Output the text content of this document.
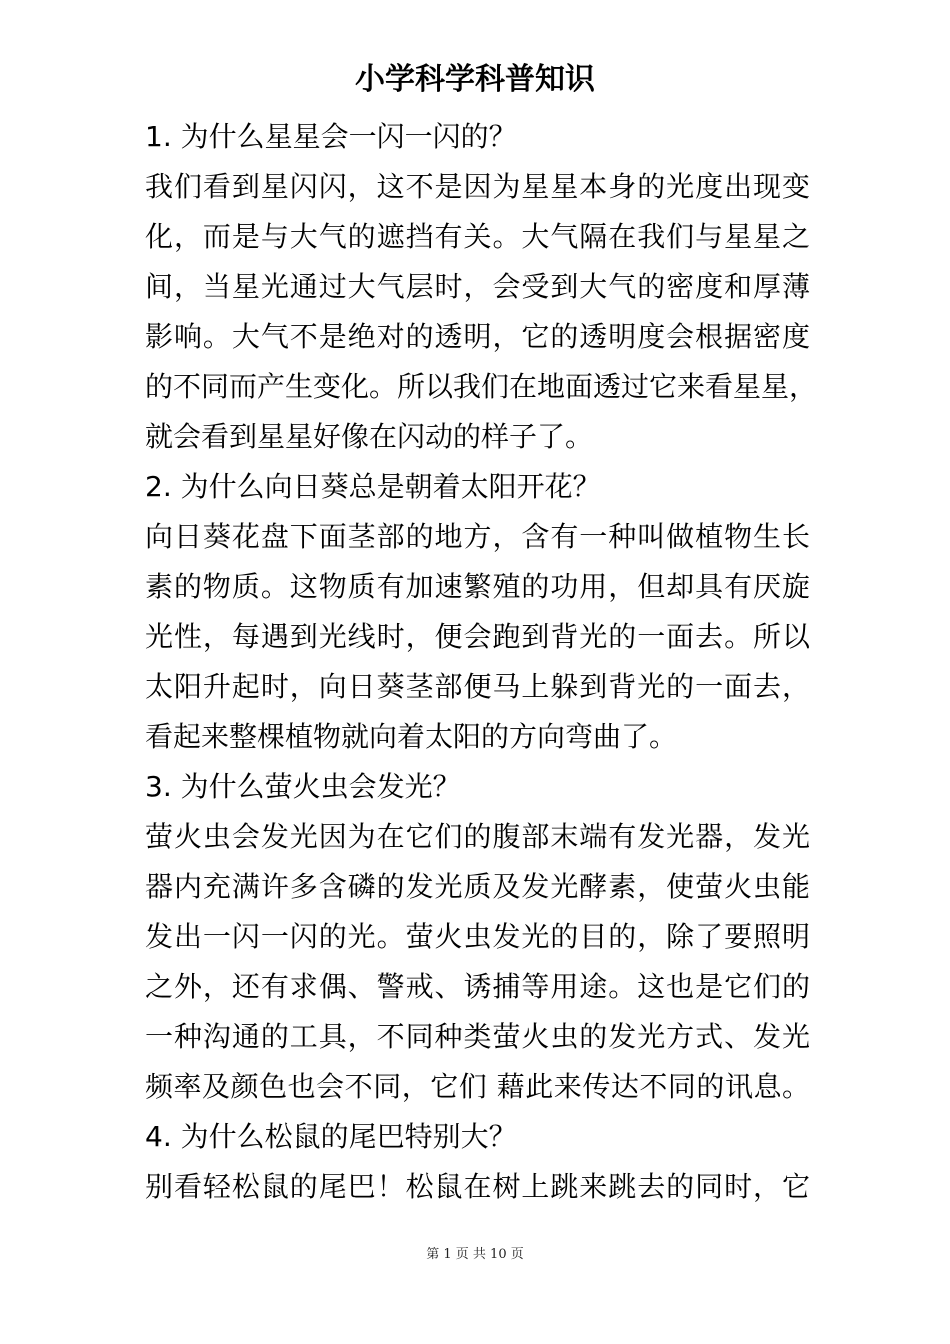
小学科学科普知识
1. 为什么星星会一闪一闪的？
我们看到星闪闪，这不是因为星星本身的光度出现变
化，而是与大气的遮挡有关。大气隔在我们与星星之
间，当星光通过大气层时，会受到大气的密度和厚薄
影响。大气不是绝对的透明，它的透明度会根据密度
的不同而产生变化。所以我们在地面透过它来看星星，
就会看到星星好像在闪动的样子了。
2. 为什么向日葵总是朝着太阳开花？
向日葵花盘下面茎部的地方，含有一种叫做植物生长
素的物质。这物质有加速繁殖的功用，但却具有厌旋
光性，每遇到光线时，便会跑到背光的一面去。所以
太阳升起时，向日葵茎部便马上躲到背光的一面去，
看起来整棵植物就向着太阳的方向弯曲了。
3. 为什么萤火虫会发光？
萤火虫会发光因为在它们的腹部末端有发光器，发光
器内充满许多含磷的发光质及发光酵素，使萤火虫能
发出一闪一闪的光。萤火虫发光的目的，除了要照明
之外，还有求偶、警戒、诱捕等用途。这也是它们的
一种沟通的工具，不同种类萤火虫的发光方式、发光
频率及颜色也会不同，它们 藉此来传达不同的讯息。
4. 为什么松鼠的尾巴特别大？
别看轻松鼠的尾巴！松鼠在树上跳来跳去的同时，它
第 1 页 共 10 页
